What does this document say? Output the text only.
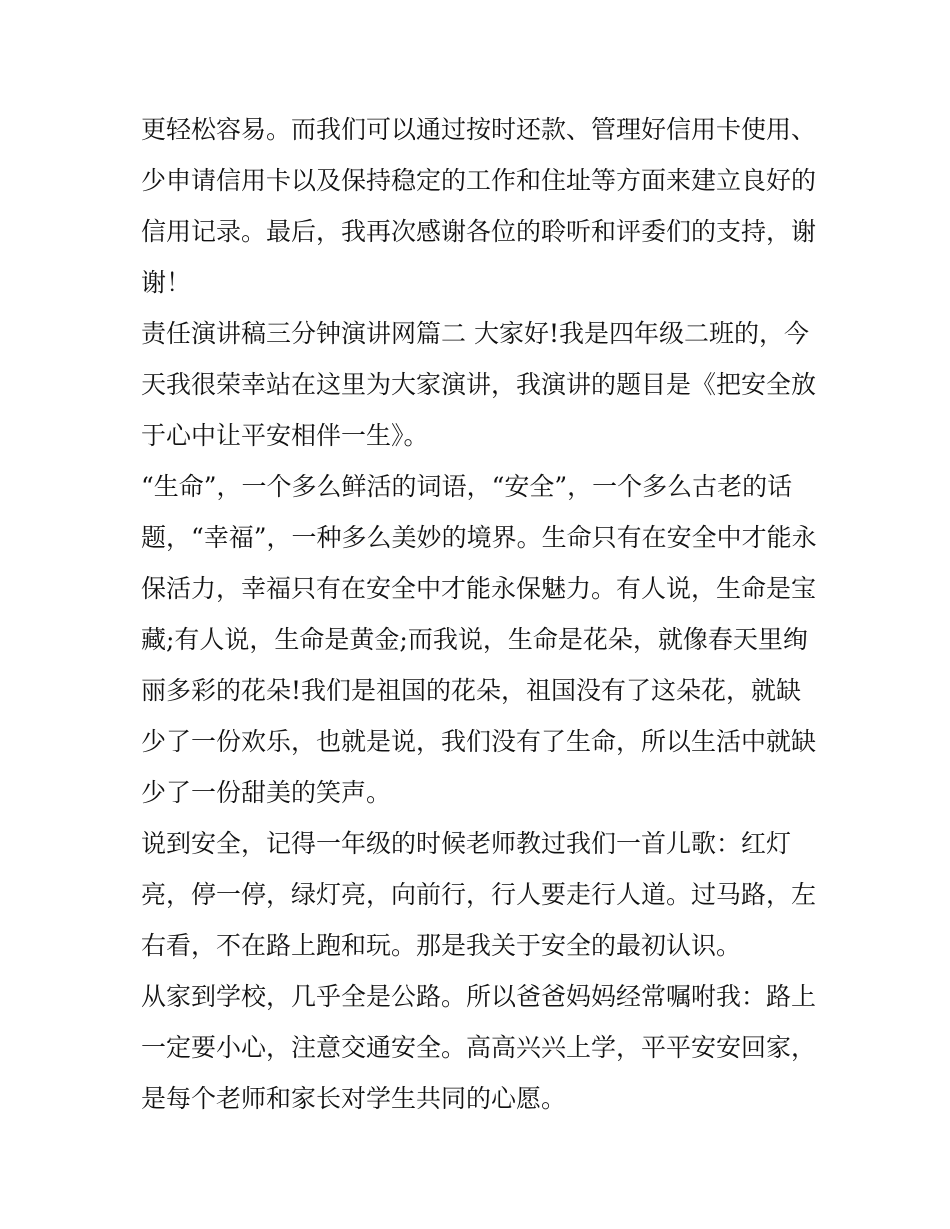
更轻松容易。而我们可以通过按时还款、管理好信用卡使用、
少申请信用卡以及保持稳定的工作和住址等方面来建立良好的
信用记录。最后，我再次感谢各位的聆听和评委们的支持，谢
谢！
责任演讲稿三分钟演讲网篇二 大家好!我是四年级二班的，今
天我很荣幸站在这里为大家演讲，我演讲的题目是《把安全放
于心中让平安相伴一生》。
“生命”，一个多么鲜活的词语，“安全”，一个多么古老的话
题，“幸福”，一种多么美妙的境界。生命只有在安全中才能永
保活力，幸福只有在安全中才能永保魅力。有人说，生命是宝
藏;有人说，生命是黄金;而我说，生命是花朵，就像春天里绚
丽多彩的花朵!我们是祖国的花朵，祖国没有了这朵花，就缺
少了一份欢乐，也就是说，我们没有了生命，所以生活中就缺
少了一份甜美的笑声。
说到安全，记得一年级的时候老师教过我们一首儿歌：红灯
亮，停一停，绿灯亮，向前行，行人要走行人道。过马路，左
右看，不在路上跑和玩。那是我关于安全的最初认识。
从家到学校，几乎全是公路。所以爸爸妈妈经常嘱咐我：路上
一定要小心，注意交通安全。高高兴兴上学，平平安安回家，
是每个老师和家长对学生共同的心愿。
